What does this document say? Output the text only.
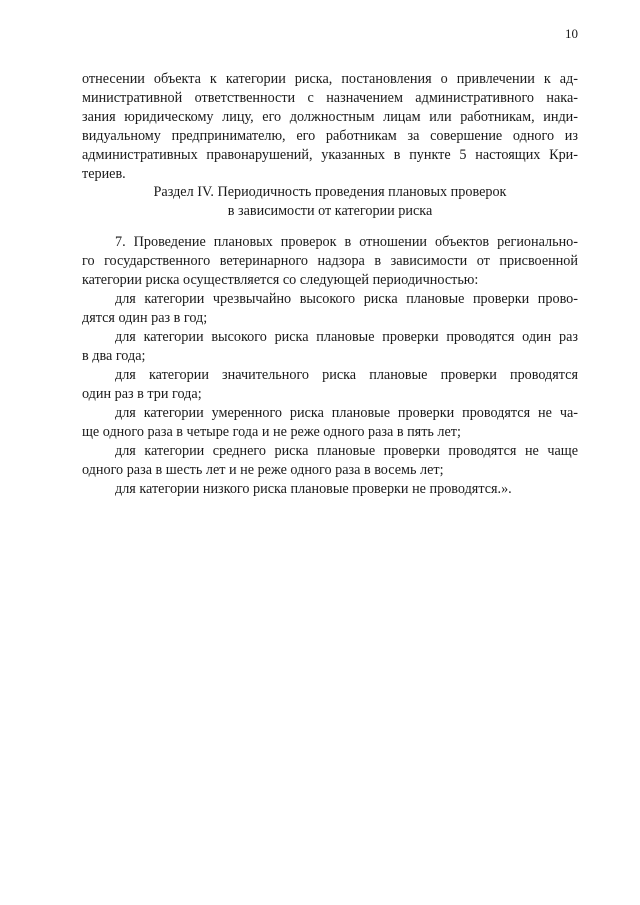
10
отнесении объекта к категории риска, постановления о привлечении к ад-
министративной ответственности с назначением административного нака-
зания юридическому лицу, его должностным лицам или работникам, инди-
видуальному предпринимателю, его работникам за совершение одного из
административных правонарушений, указанных в пункте 5 настоящих Кри-
териев.
Раздел IV. Периодичность проведения плановых проверок
в зависимости от категории риска
7. Проведение плановых проверок в отношении объектов регионально-
го государственного ветеринарного надзора в зависимости от присвоенной
категории риска осуществляется со следующей периодичностью:
для категории чрезвычайно высокого риска плановые проверки прово-
дятся один раз в год;
для категории высокого риска плановые проверки проводятся один раз
в два года;
для категории значительного риска плановые проверки проводятся
один раз в три года;
для категории умеренного риска плановые проверки проводятся не ча-
ще одного раза в четыре года и не реже одного раза в пять лет;
для категории среднего риска плановые проверки проводятся не чаще
одного раза в шесть лет и не реже одного раза в восемь лет;
для категории низкого риска плановые проверки не проводятся.».
